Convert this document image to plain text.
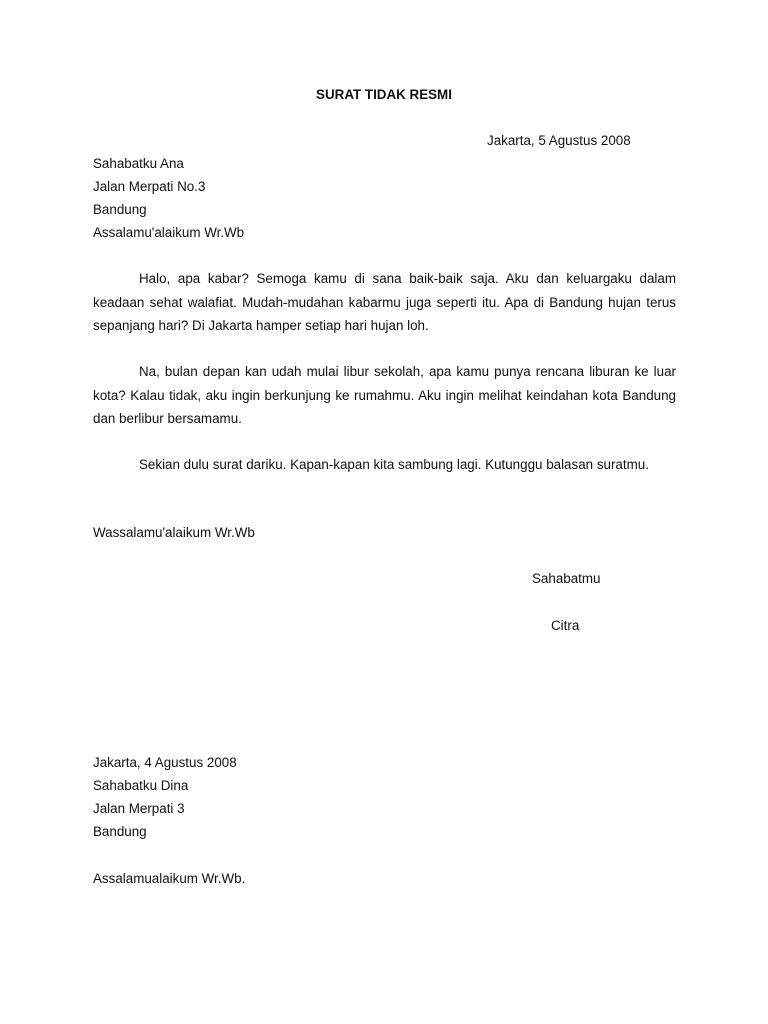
SURAT TIDAK RESMI
Jakarta, 5 Agustus 2008
Sahabatku Ana
Jalan Merpati No.3
Bandung
Assalamu'alaikum Wr.Wb
Halo, apa kabar? Semoga kamu di sana baik-baik saja. Aku dan keluargaku dalam keadaan sehat walafiat. Mudah-mudahan kabarmu juga seperti itu. Apa di Bandung hujan terus sepanjang hari? Di Jakarta hamper setiap hari hujan loh.
Na, bulan depan kan udah mulai libur sekolah, apa kamu punya rencana liburan ke luar kota? Kalau tidak, aku ingin berkunjung ke rumahmu. Aku ingin melihat keindahan kota Bandung dan berlibur bersamamu.
Sekian dulu surat dariku. Kapan-kapan kita sambung lagi. Kutunggu balasan suratmu.
Wassalamu'alaikum Wr.Wb
Sahabatmu
Citra
Jakarta, 4 Agustus 2008
Sahabatku Dina
Jalan Merpati 3
Bandung
Assalamualaikum Wr.Wb.
